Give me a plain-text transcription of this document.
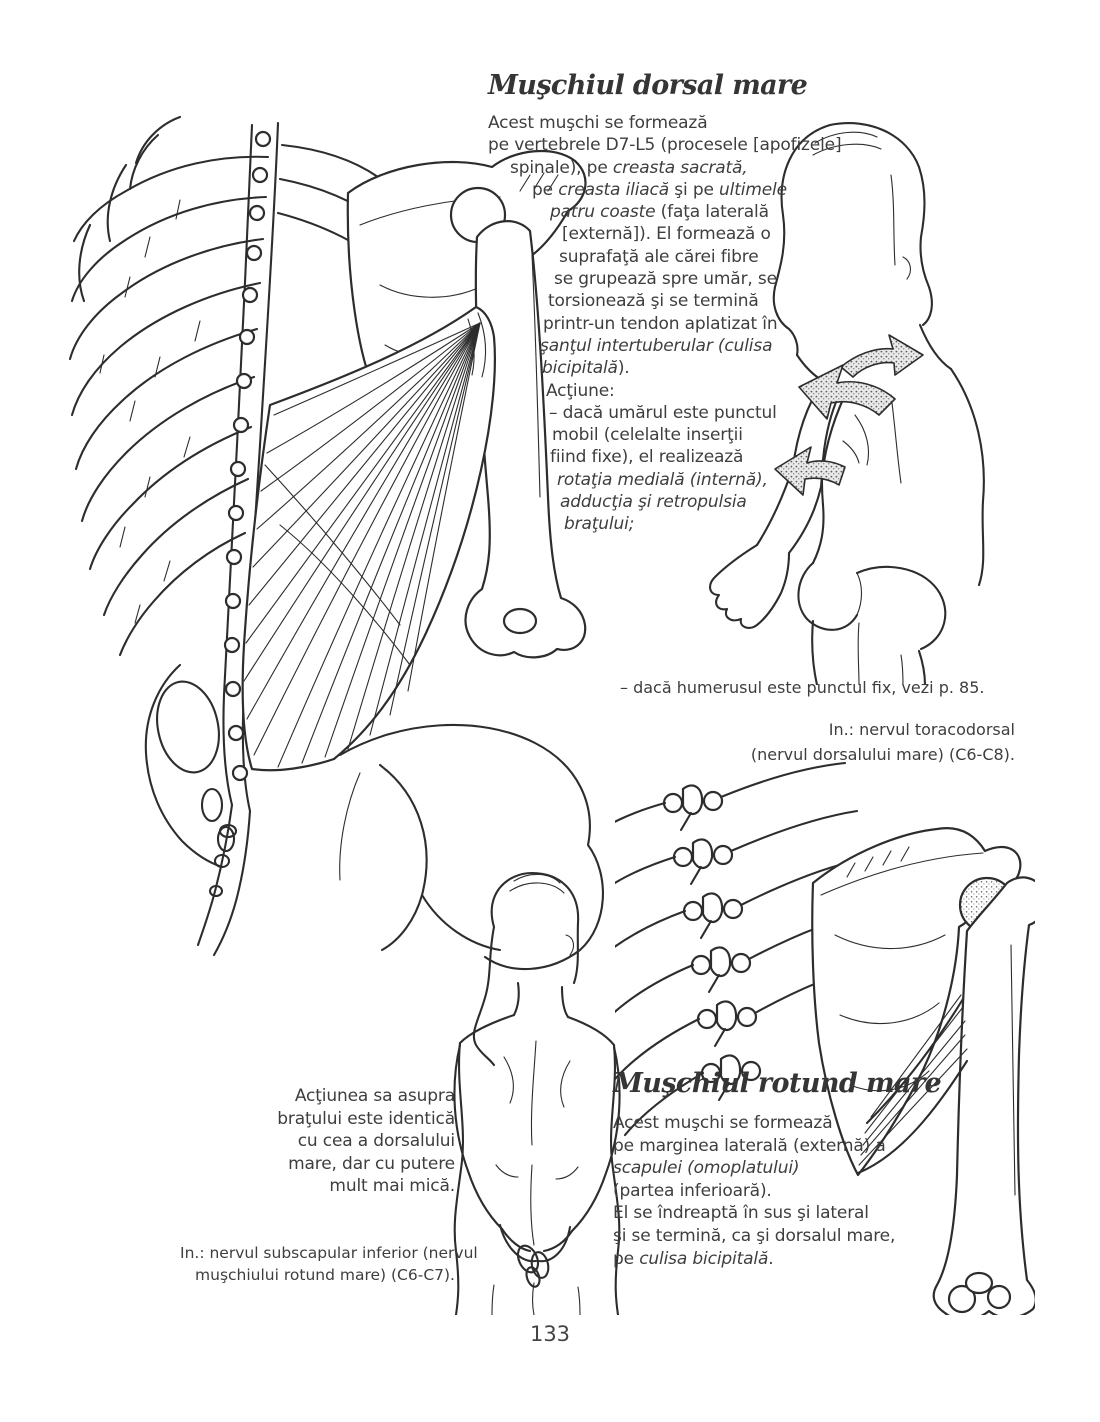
Muşchiul dorsal mare
Acest muşchi se formează
pe vertebrele D7-L5 (procesele [apofizele]
spinale), pe creasta sacrată,
pe creasta iliacă şi pe ultimele
patru coaste (faţa laterală
[externă]). El formează o
suprafaţă ale cărei fibre
se grupează spre umăr, se
torsionează şi se termină
printr-un tendon aplatizat în
şanţul intertuberular (culisa
bicipitală).
Acţiune:
– dacă umărul este punctul
mobil (celelalte inserţii
fiind fixe), el realizează
rotaţia medială (internă),
adducţia şi retropulsia
braţului;
– dacă humerusul este punctul fix, vezi p. 85.
In.: nervul toracodorsal
(nervul dorsalului mare) (C6-C8).
Acţiunea sa asupra
braţului este identică
cu cea a dorsalului
mare, dar cu putere
mult mai mică.
In.: nervul subscapular inferior (nervul
muşchiului rotund mare) (C6-C7).
Muşchiul rotund mare
Acest muşchi se formează
pe marginea laterală (externă) a
scapulei (omoplatului)
(partea inferioară).
El se îndreaptă în sus şi lateral
şi se termină, ca şi dorsalul mare,
pe culisa bicipitală.
133
